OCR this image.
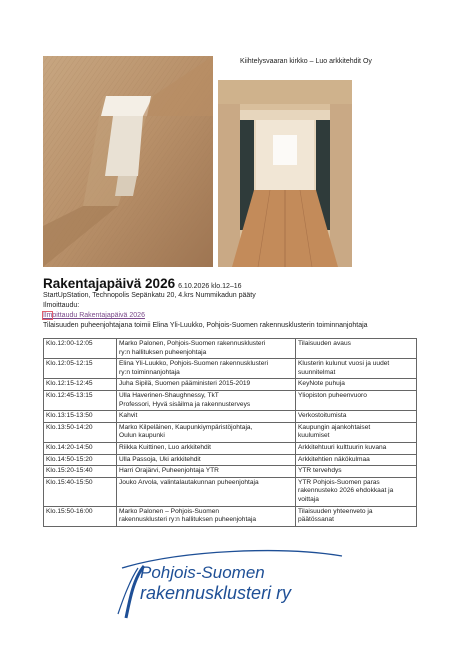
Kiihtelysvaaran kirkko – Luo arkkitehdit Oy
Rakentajapäivä 2026 6.10.2026 klo.12–16
StartUpStation, Technopolis Sepänkatu 20, 4.krs Nummikadun pääty
Ilmoittaudu:
Ilmoittaudu Rakentajapäivä 2026
Tilaisuuden puheenjohtajana toimii Elina Yli-Luukko, Pohjois-Suomen rakennusklusterin toiminnanjohtaja
Klo.12:00-12:05	Marko Palonen, Pohjois-Suomen rakennusklusteri
ry:n hallituksen puheenjohtaja	Tilaisuuden avaus
Klo.12:05-12:15	Elina Yli-Luukko, Pohjois-Suomen rakennusklusteri
ry:n toiminnanjohtaja	Klusterin kulunut vuosi ja uudet
suunnitelmat
Klo.12:15-12:45	Juha Sipilä, Suomen pääministeri 2015-2019	KeyNote puhuja
Klo.12:45-13:15	Ulla Haverinen-Shaughnessy, TkT
Professori, Hyvä sisäilma ja rakennusterveys	Yliopiston puheenvuoro
Klo.13:15-13:50	Kahvit	Verkostoitumista
Klo.13:50-14:20	Marko Kilpeläinen, Kaupunkiympäristöjohtaja,
Oulun kaupunki	Kaupungin ajankohtaiset
kuulumiset
Klo.14:20-14:50	Riikka Kuittinen, Luo arkkitehdit	Arkkitehtuuri kulttuurin kuvana
Klo.14:50-15:20	Ulla Passoja, Uki arkkitehdit	Arkkitehtien näkökulmaa
Klo.15:20-15:40	Harri Orajärvi, Puheenjohtaja YTR	YTR tervehdys
Klo.15:40-15:50	Jouko Arvola, valintalautakunnan puheenjohtaja	YTR Pohjois-Suomen paras
rakennusteko 2026 ehdokkaat ja
voittaja
Klo.15:50-16:00	Marko Palonen – Pohjois-Suomen
rakennusklusteri ry:n hallituksen puheenjohtaja	Tilaisuuden yhteenveto ja
päätössanat
Pohjois-Suomen
rakennusklusteri ry
